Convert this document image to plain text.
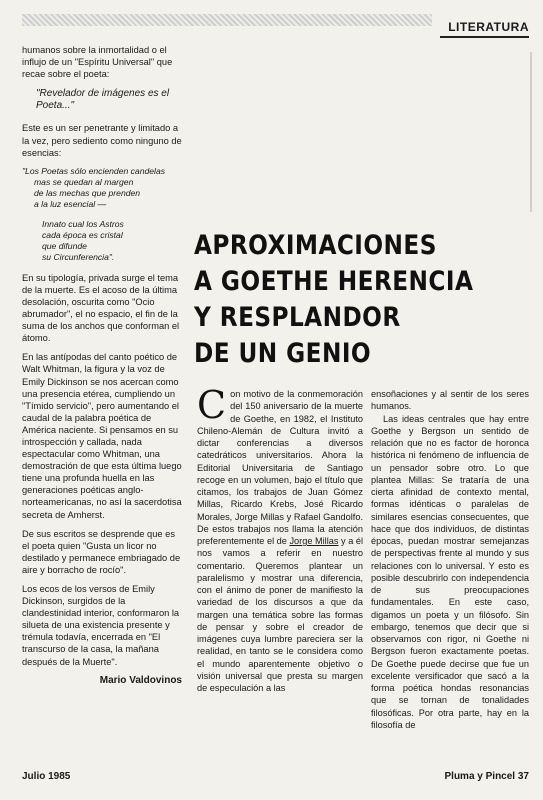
LITERATURA

humanos sobre la inmortalidad o el influjo de un "Espíritu Universal" que recae sobre el poeta:

"Revelador de imágenes es el Poeta..."

Este es un ser penetrante y limitado a la vez, pero sediento como ninguno de esencias:

"Los Poetas sólo encienden candelas
mas se quedan al margen
de las mechas que prenden
a la luz esencial —

Innato cual los Astros
cada época es cristal
que difunde
su Circunferencia".

En su tipología, privada surge el tema de la muerte. Es el acoso de la última desolación, oscurita como "Ocio abrumador", el no espacio, el fin de la suma de los anchos que conforman el átomo.

En las antípodas del canto poético de Walt Whitman, la figura y la voz de Emily Dickinson se nos acercan como una presencia etérea, cumpliendo un "Tímido servicio", pero aumentando el caudal de la palabra poética de América naciente. Si pensamos en su introspección y callada, nada espectacular como Whitman, una demostración de que esta última luego tiene una profunda huella en las generaciones poéticas anglo-norteamericanas, no así la sacerdotisa secreta de Amherst.

De sus escritos se desprende que es el poeta quien "Gusta un licor no destilado y permanece embriagado de aire y borracho de rocío".

Los ecos de los versos de Emily Dickinson, surgidos de la clandestinidad interior, conformaron la silueta de una existencia presente y trémula todavía, encerrada en "El transcurso de la casa, la mañana después de la Muerte".

Mario Valdovinos

APROXIMACIONES
A GOETHE HERENCIA
Y RESPLANDOR
DE UN GENIO

Con motivo de la conmemoración del 150 aniversario de la muerte de Goethe, en 1982, el Instituto Chileno-Alemán de Cultura invitó a dictar conferencias a diversos catedráticos universitarios. Ahora la Editorial Universitaria de Santiago recoge en un volumen, bajo el título que citamos, los trabajos de Juan Gómez Millas, Ricardo Krebs, José Ricardo Morales, Jorge Millas y Rafael Gandolfo. De estos trabajos nos llama la atención preferentemente el de Jorge Millas y a él nos vamos a referir en nuestro comentario. Queremos plantear un paralelismo y mostrar una diferencia, con el ánimo de poner de manifiesto la variedad de los discursos a que da margen una temática sobre las formas de pensar y sobre el creador de imágenes cuya lumbre pareciera ser la realidad, en tanto se le considera como el mundo aparentemente objetivo o visión universal que presta su margen de especulación a las

ensoñaciones y al sentir de los seres humanos.

Las ideas centrales que hay entre Goethe y Bergson un sentido de relación que no es factor de horonca histórica ni fenómeno de influencia de un pensador sobre otro. Lo que plantea Millas: Se trataría de una cierta afinidad de contexto mental, formas idénticas o paralelas de similares esencias consecuentes, que hace que dos individuos, de distintas épocas, puedan mostrar semejanzas de perspectivas frente al mundo y sus relaciones con lo universal. Y esto es posible descubrirlo con independencia de sus preocupaciones fundamentales. En este caso, digamos un poeta y un filósofo. Sin embargo, tenemos que decir que si observamos con rigor, ni Goethe ni Bergson fueron exactamente poetas. De Goethe puede decirse que fue un excelente versificador que sacó a la forma poética hondas resonancias que se tornan de tonalidades filosóficas. Por otra parte, hay en la filosofía de

Julio 1985	Pluma y Pincel 37
